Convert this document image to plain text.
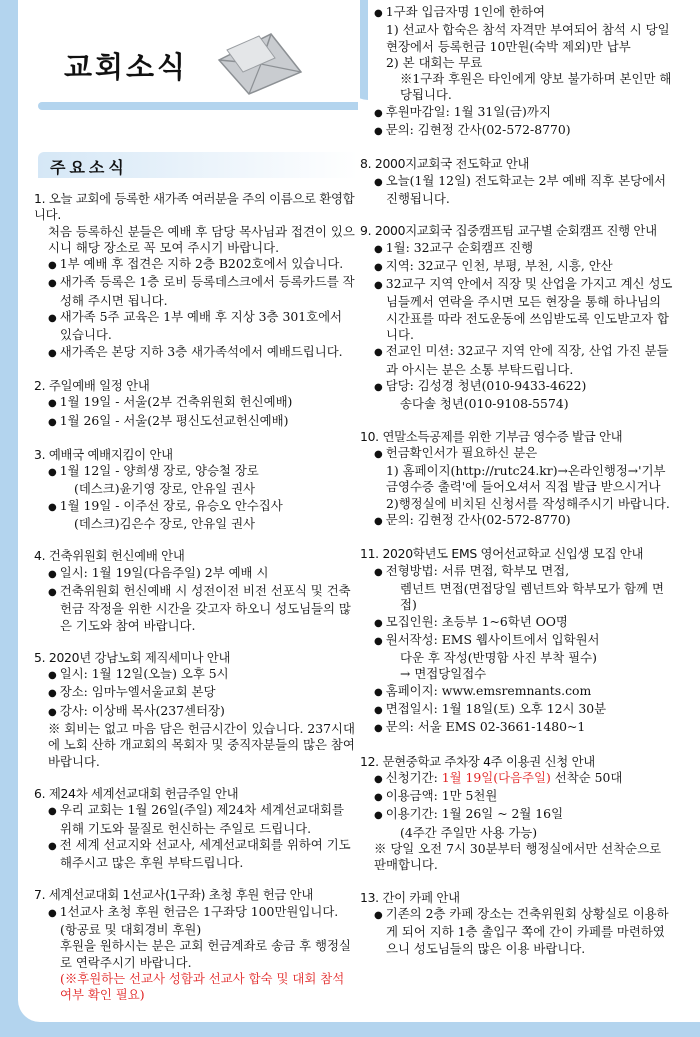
교회소식
주요소식
1. 오늘 교회에 등록한 새가족 여러분을 주의 이름으로 환영합니다.

처음 등록하신 분들은 예배 후 담당 목사님과 접견이 있으시니 해당 장소로 꼭 모여 주시기 바랍니다.

● 1부 예배 후 접견은 지하 2층 B202호에서 있습니다.

● 새가족 등록은 1층 로비 등록데스크에서 등록카드를 작성해 주시면 됩니다.

● 새가족 5주 교육은 1부 예배 후 지상 3층 301호에서 있습니다.

● 새가족은 본당 지하 3층 새가족석에서 예배드립니다.

2. 주일예배 일정 안내

● 1월 19일 - 서울(2부 건축위원회 헌신예배)

● 1월 26일 - 서울(2부 평신도선교헌신예배)

3. 예배국 예배지킴이 안내

● 1월 12일 - 양희생 장로, 양승철 장로

(데스크)윤기영 장로, 안유일 권사

● 1월 19일 - 이주선 장로, 유승오 안수집사

(데스크)김은수 장로, 안유일 권사

4. 건축위원회 헌신예배 안내

● 일시: 1월 19일(다음주일) 2부 예배 시

● 건축위원회 헌신예배 시 성전이전 비전 선포식 및 건축헌금 작정을 위한 시간을 갖고자 하오니 성도님들의 많은 기도와 참여 바랍니다.

5. 2020년 강남노회 제직세미나 안내

● 일시: 1월 12일(오늘) 오후 5시

● 장소: 임마누엘서울교회 본당

● 강사: 이상배 목사(237센터장)

※ 회비는 없고 마음 담은 헌금시간이 있습니다. 237시대에 노회 산하 개교회의 목회자 및 중직자분들의 많은 참여 바랍니다.

6. 제24차 세계선교대회 헌금주일 안내

● 우리 교회는 1월 26일(주일) 제24차 세계선교대회를 위해 기도와 물질로 헌신하는 주일로 드립니다.

● 전 세계 선교지와 선교사, 세계선교대회를 위하여 기도해주시고 많은 후원 부탁드립니다.

7. 세계선교대회 1선교사(1구좌) 초청 후원 헌금 안내

● 1선교사 초청 후원 헌금은 1구좌당 100만원입니다. (항공료 및 대회경비 후원)

후원을 원하시는 분은 교회 헌금계좌로 송금 후 행정실로 연락주시기 바랍니다.

(※후원하는 선교사 성함과 선교사 합숙 및 대회 참석여부 확인 필요)

● 1구좌 입금자명 1인에 한하여

1) 선교사 합숙은 참석 자격만 부여되어 참석 시 당일 현장에서 등록헌금 10만원(숙박 제외)만 납부

2) 본 대회는 무료

※1구좌 후원은 타인에게 양보 불가하며 본인만 해당됩니다.

● 후원마감일: 1월 31일(금)까지

● 문의: 김현정 간사(02-572-8770)

8. 2000지교회국 전도학교 안내

● 오늘(1월 12일) 전도학교는 2부 예배 직후 본당에서 진행됩니다.

9. 2000지교회국 집중캠프팀 교구별 순회캠프 진행 안내

● 1월: 32교구 순회캠프 진행

● 지역: 32교구 인천, 부평, 부천, 시흥, 안산

● 32교구 지역 안에서 직장 및 산업을 가지고 계신 성도님들께서 연락을 주시면 모든 현장을 통해 하나님의 시간표를 따라 전도운동에 쓰임받도록 인도받고자 합니다.

● 전교인 미션: 32교구 지역 안에 직장, 산업 가진 분들과 아시는 분은 소통 부탁드립니다.

● 담당: 김성경 청년(010-9433-4622)

송다솔 청년(010-9108-5574)

10. 연말소득공제를 위한 기부금 영수증 발급 안내

● 헌금확인서가 필요하신 분은

1) 홈페이지(http://rutc24.kr)→온라인행정→'기부금영수증 출력'에 들어오셔서 직접 발급 받으시거나

2)행정실에 비치된 신청서를 작성해주시기 바랍니다.

● 문의: 김현정 간사(02-572-8770)

11. 2020학년도 EMS 영어선교학교 신입생 모집 안내

● 전형방법: 서류 면접, 학부모 면접,

렘넌트 면접(면접당일 렘넌트와 학부모가 함께 면접)

● 모집인원: 초등부 1~6학년 OO명

● 원서작성: EMS 웹사이트에서 입학원서

다운 후 작성(반명함 사진 부착 필수)

→ 면접당일접수

● 홈페이지: www.emsremnants.com

● 면접일시: 1월 18일(토) 오후 12시 30분

● 문의: 서울 EMS 02-3661-1480~1

12. 문현중학교 주차장 4주 이용권 신청 안내

● 신청기간: 1월 19일(다음주일) 선착순 50대

● 이용금액: 1만 5천원

● 이용기간: 1월 26일 ~ 2월 16일

(4주간 주일만 사용 가능)

※ 당일 오전 7시 30분부터 행정실에서만 선착순으로 판매합니다.

13. 간이 카페 안내

● 기존의 2층 카페 장소는 건축위원회 상황실로 이용하게 되어 지하 1층 출입구 쪽에 간이 카페를 마련하였으니 성도님들의 많은 이용 바랍니다.
